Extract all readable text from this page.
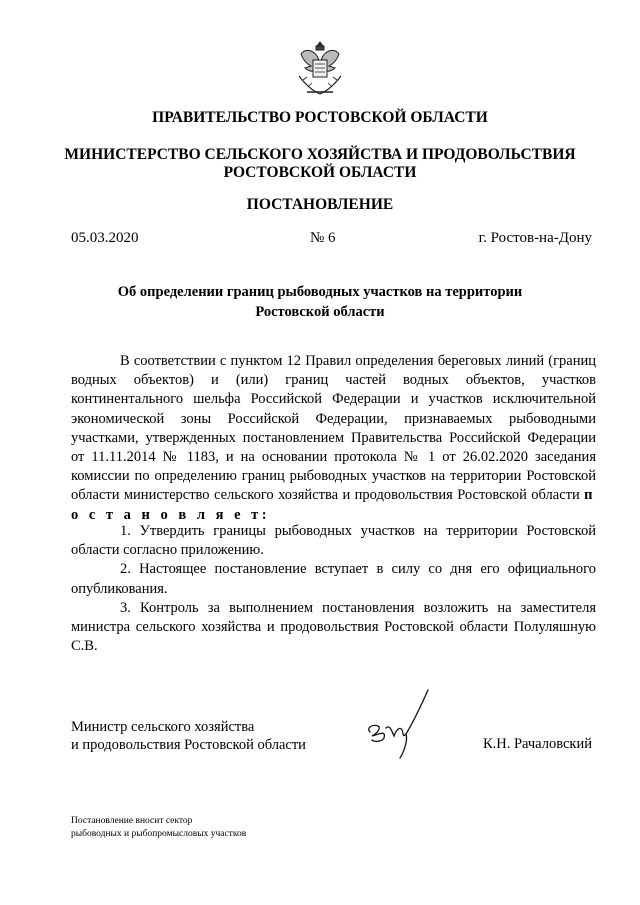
ПРАВИТЕЛЬСТВО РОСТОВСКОЙ ОБЛАСТИ
МИНИСТЕРСТВО СЕЛЬСКОГО ХОЗЯЙСТВА И ПРОДОВОЛЬСТВИЯ
РОСТОВСКОЙ ОБЛАСТИ
ПОСТАНОВЛЕНИЕ
05.03.2020	№ 6	г. Ростов-на-Дону
Об определении границ рыбоводных участков на территории
Ростовской области
В соответствии с пунктом 12 Правил определения береговых линий (границ водных объектов) и (или) границ частей водных объектов, участков континентального шельфа Российской Федерации и участков исключительной экономической зоны Российской Федерации, признаваемых рыбоводными участками, утвержденных постановлением Правительства Российской Федерации от 11.11.2014 № 1183, и на основании протокола № 1 от 26.02.2020 заседания комиссии по определению границ рыбоводных участков на территории Ростовской области министерство сельского хозяйства и продовольствия Ростовской области п о с т а н о в л я е т:

1. Утвердить границы рыбоводных участков на территории Ростовской области согласно приложению.

2. Настоящее постановление вступает в силу со дня его официального опубликования.

3. Контроль за выполнением постановления возложить на заместителя министра сельского хозяйства и продовольствия Ростовской области Полуляшную С.В.

Министр сельского хозяйства
и продовольствия Ростовской области	К.Н. Рачаловский
Постановление вносит сектор
рыбоводных и рыбопромысловых участков
